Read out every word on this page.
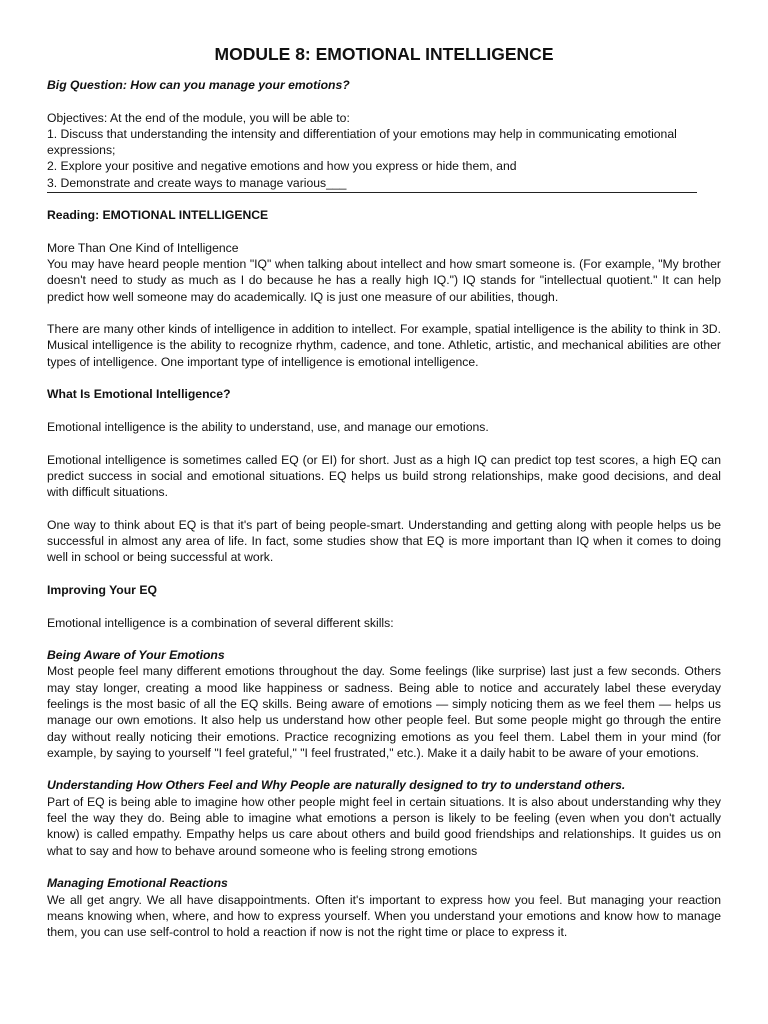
MODULE 8: EMOTIONAL INTELLIGENCE

Big Question: How can you manage your emotions?

Objectives: At the end of the module, you will be able to:

1. Discuss that understanding the intensity and differentiation of your emotions may help in communicating emotional expressions;

2. Explore your positive and negative emotions and how you express or hide them, and

3. Demonstrate and create ways to manage various___

Reading: EMOTIONAL INTELLIGENCE

More Than One Kind of Intelligence

You may have heard people mention "IQ" when talking about intellect and how smart someone is. (For example, "My brother doesn't need to study as much as I do because he has a really high IQ.") IQ stands for "intellectual quotient." It can help predict how well someone may do academically. IQ is just one measure of our abilities, though.

There are many other kinds of intelligence in addition to intellect. For example, spatial intelligence is the ability to think in 3D. Musical intelligence is the ability to recognize rhythm, cadence, and tone. Athletic, artistic, and mechanical abilities are other types of intelligence. One important type of intelligence is emotional intelligence.

What Is Emotional Intelligence?

Emotional intelligence is the ability to understand, use, and manage our emotions.

Emotional intelligence is sometimes called EQ (or EI) for short. Just as a high IQ can predict top test scores, a high EQ can predict success in social and emotional situations. EQ helps us build strong relationships, make good decisions, and deal with difficult situations.

One way to think about EQ is that it's part of being people-smart. Understanding and getting along with people helps us be successful in almost any area of life. In fact, some studies show that EQ is more important than IQ when it comes to doing well in school or being successful at work.

Improving Your EQ

Emotional intelligence is a combination of several different skills:

Being Aware of Your Emotions

Most people feel many different emotions throughout the day. Some feelings (like surprise) last just a few seconds. Others may stay longer, creating a mood like happiness or sadness. Being able to notice and accurately label these everyday feelings is the most basic of all the EQ skills. Being aware of emotions — simply noticing them as we feel them — helps us manage our own emotions. It also help us understand how other people feel. But some people might go through the entire day without really noticing their emotions. Practice recognizing emotions as you feel them. Label them in your mind (for example, by saying to yourself "I feel grateful," "I feel frustrated," etc.). Make it a daily habit to be aware of your emotions.

Understanding How Others Feel and Why People are naturally designed to try to understand others.

Part of EQ is being able to imagine how other people might feel in certain situations. It is also about understanding why they feel the way they do. Being able to imagine what emotions a person is likely to be feeling (even when you don't actually know) is called empathy. Empathy helps us care about others and build good friendships and relationships. It guides us on what to say and how to behave around someone who is feeling strong emotions

Managing Emotional Reactions

We all get angry. We all have disappointments. Often it's important to express how you feel. But managing your reaction means knowing when, where, and how to express yourself. When you understand your emotions and know how to manage them, you can use self-control to hold a reaction if now is not the right time or place to express it.
